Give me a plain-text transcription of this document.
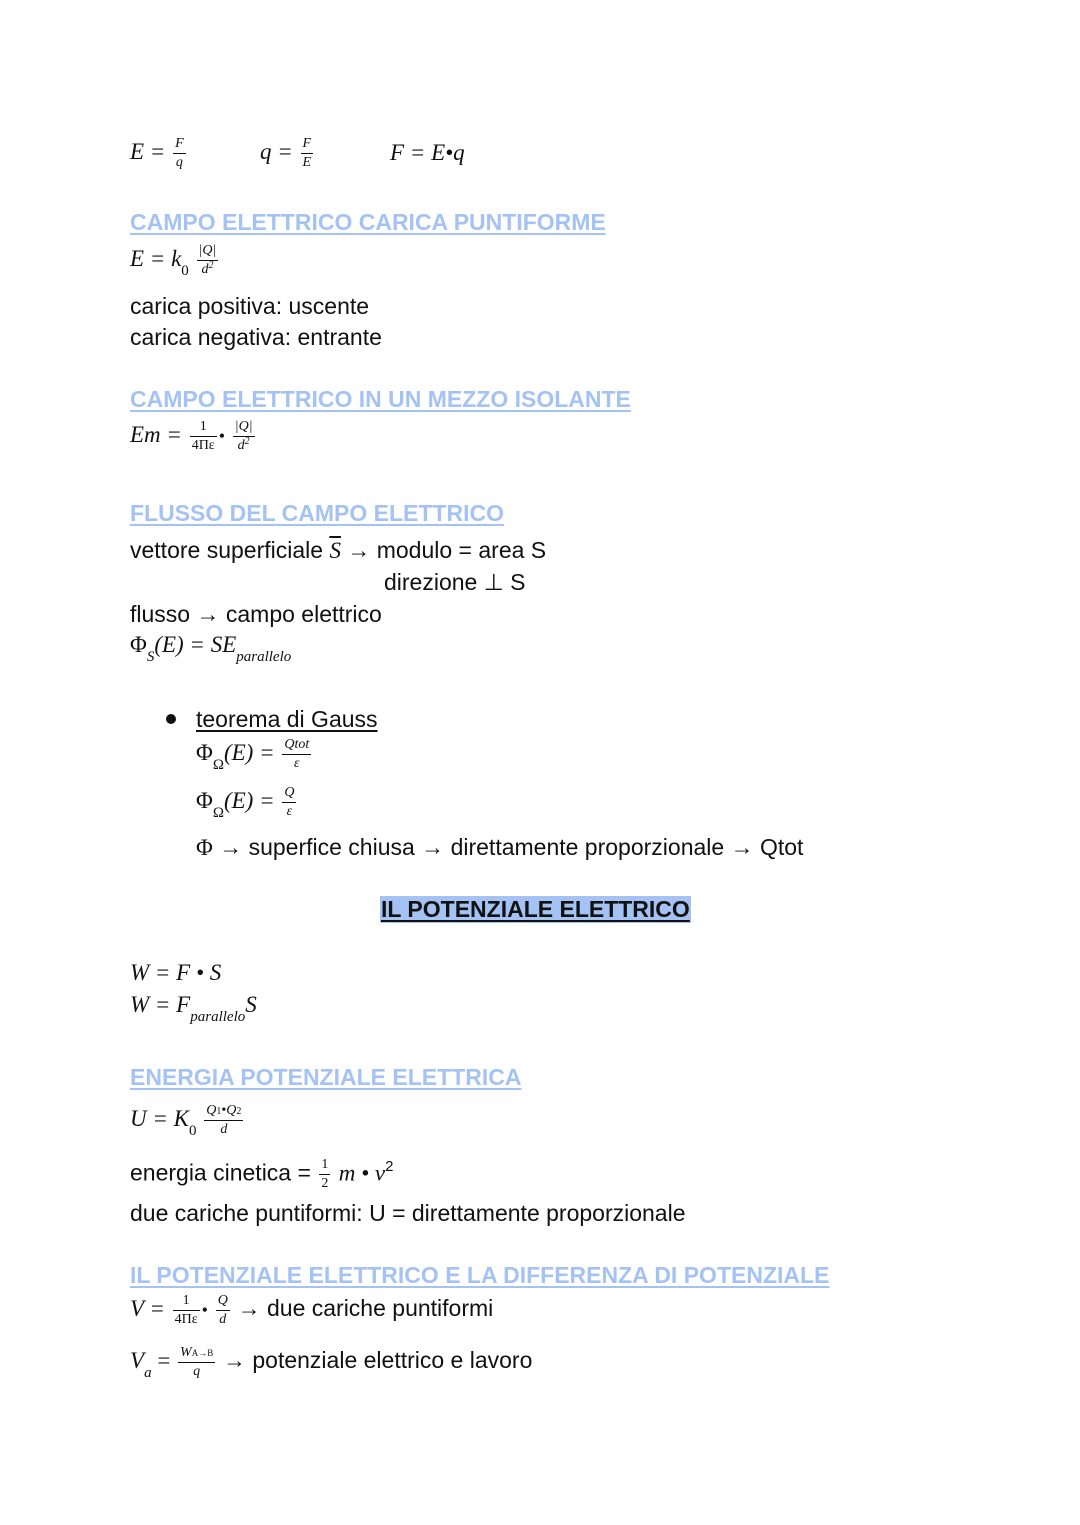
$E = \frac{F}{q}$	$q = \frac{F}{E}$	F = E•q
CAMPO ELETTRICO CARICA PUNTIFORME
$E = k_0 \frac{|Q|}{d^2}$
carica positiva: uscente
carica negativa: entrante
CAMPO ELETTRICO IN UN MEZZO ISOLANTE
$Em = \frac{1}{4\Pi\varepsilon}$ • $\frac{|Q|}{d^2}$
FLUSSO DEL CAMPO ELETTRICO
vettore superficiale $\overline{S}$ → modulo = area S
direzione ⊥ S
flusso → campo elettrico
$\Phi_S(E) = SE_{parallelo}$
teorema di Gauss
$\Phi_\Omega(E) = \frac{\text{Qtot}}{\varepsilon}$
$\Phi_\Omega(E) = \frac{Q}{\varepsilon}$
Φ → superfice chiusa → direttamente proporzionale → Qtot
IL POTENZIALE ELETTRICO
W = F • S
$W = F_{parallelo}S$
ENERGIA POTENZIALE ELETTRICA
$U = K_0 \frac{Q1•Q2}{d}$
energia cinetica = $\frac{1}{2}$ m • $v^2$
due cariche puntiformi: U = direttamente proporzionale
IL POTENZIALE ELETTRICO E LA DIFFERENZA DI POTENZIALE
$V = \frac{1}{4\Pi\varepsilon}$ • $\frac{Q}{d}$ → due cariche puntiformi
$V_a = \frac{WA\to B}{q}$ → potenziale elettrico e lavoro
